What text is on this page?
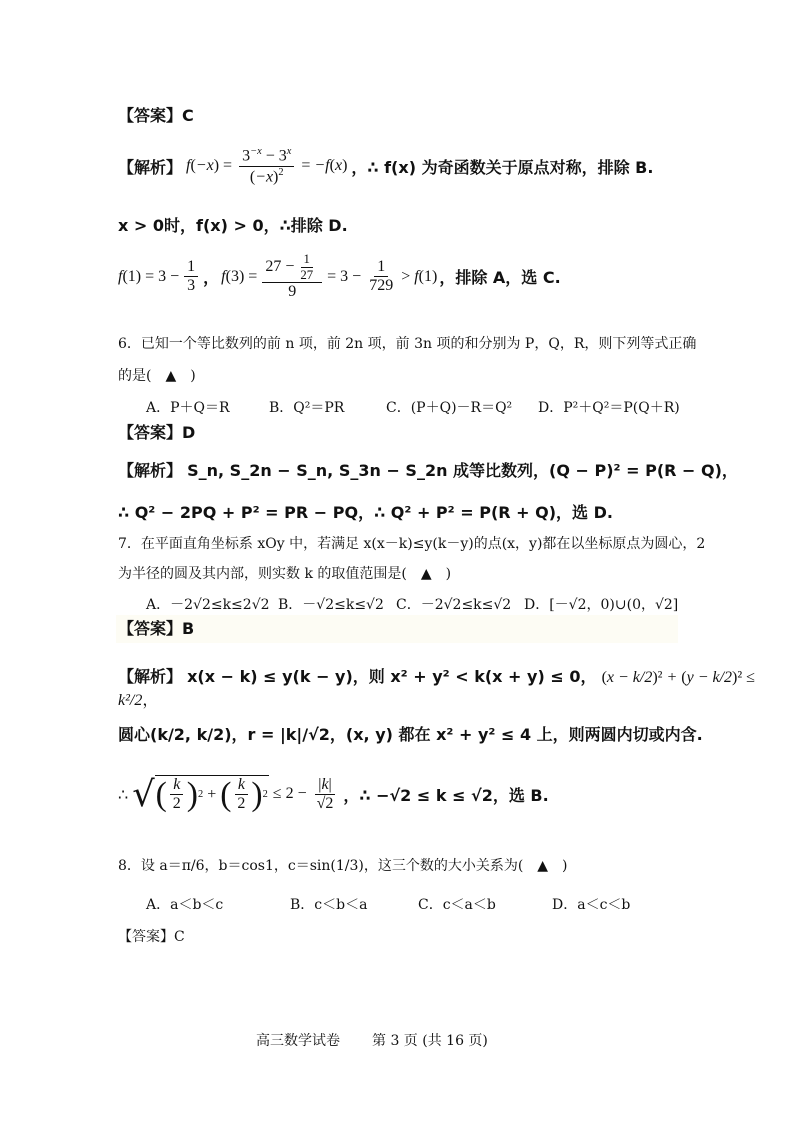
【答案】C
【解析】 $f(-x) = \frac{3^{-x} - 3^x}{(-x)^2} = -f(x)$ ，∴ f(x) 为奇函数关于原点对称，排除 B.
x > 0时，f(x) > 0，∴排除 D.
$f(1) = 3 - \frac{1}{3}$ ， $f(3) = \frac{27 - \frac{1}{27}}{9} = 3 - \frac{1}{729} > f(1)$ ，排除 A，选 C.
6．已知一个等比数列的前 n 项，前 2n 项，前 3n 项的和分别为 P，Q，R，则下列等式正确
的是(　▲　)
A．P＋Q＝R	B．Q²＝PR	C．(P＋Q)－R＝Q² D．P²＋Q²＝P(Q＋R)
【答案】D
【解析】 S_n, S_2n − S_n, S_3n − S_2n 成等比数列，(Q − P)² = P(R − Q)，
∴ Q² − 2PQ + P² = PR − PQ，∴ Q² + P² = P(R + Q)，选 D.
7．在平面直角坐标系 xOy 中，若满足 x(x－k)≤y(k－y)的点(x，y)都在以坐标原点为圆心，2
为半径的圆及其内部，则实数 k 的取值范围是(　▲　)
A．－2√2≤k≤2√2 B．－√2≤k≤√2 C．－2√2≤k≤√2 D．[－√2，0)∪(0，√2]
【答案】B
【解析】 x(x − k) ≤ y(k − y)，则 x² + y² < k(x + y) ≤ 0， (x − k/2)² + (y − k/2)² ≤ k²/2，
圆心(k/2, k/2)，r = |k|/√2，(x, y) 都在 x² + y² ≤ 4 上，则两圆内切或内含.
∴ √ ( $\frac{k}{2}$ ) 2 + ( $\frac{k}{2}$ ) $2 \le 2 - \frac{|k|}{√2}$ ，∴ −√2 ≤ k ≤ √2，选 B.
8．设 a＝π/6，b＝cos1，c＝sin(1/3)，这三个数的大小关系为(　▲　)
A．a＜b＜c	B．c＜b＜a	C．c＜a＜b	D．a＜c＜b
【答案】C
高三数学试卷 第 3 页 (共 16 页)
